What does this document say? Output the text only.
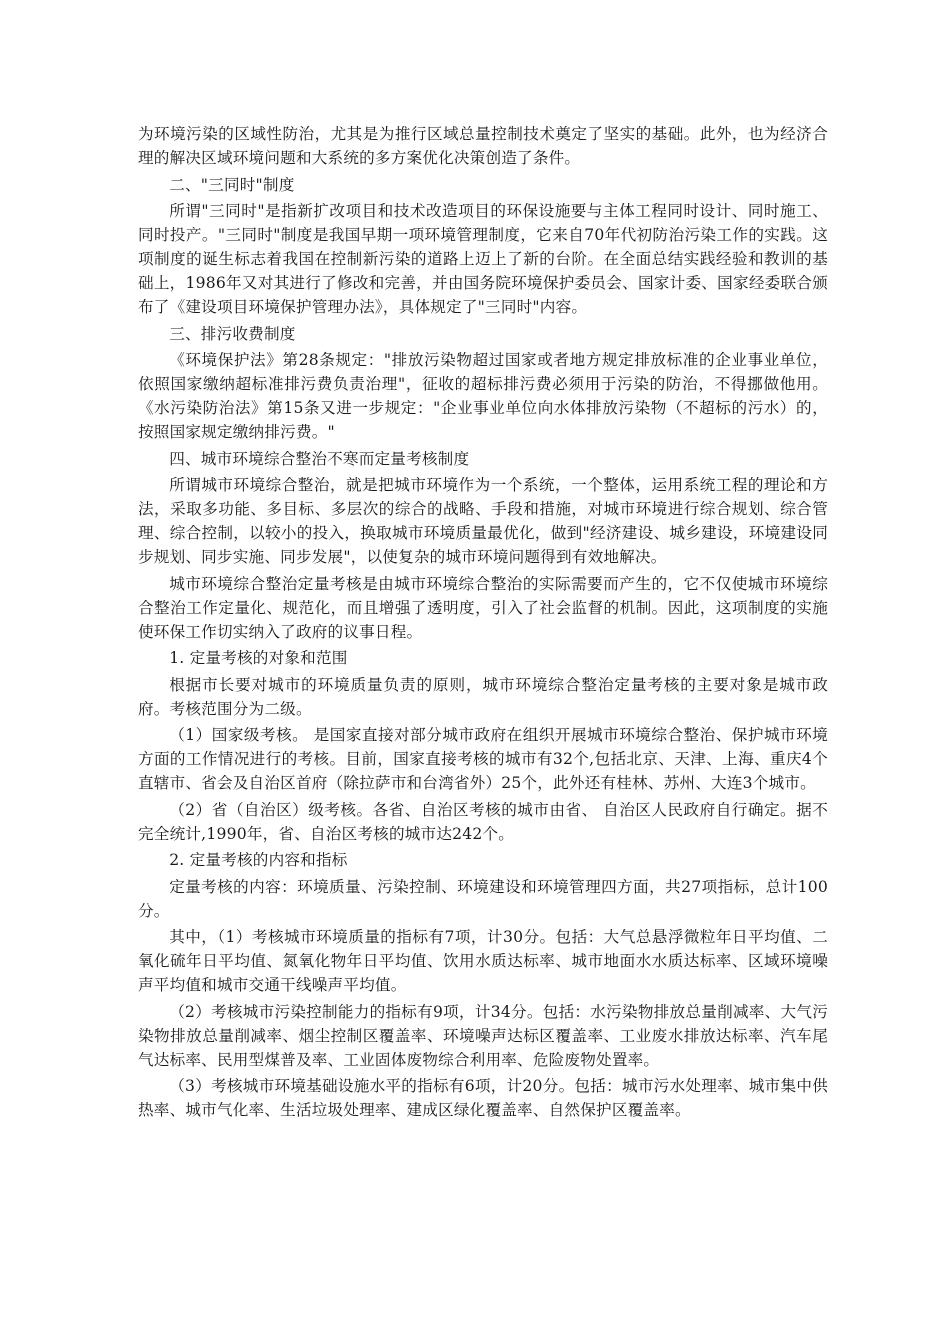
为环境污染的区域性防治，尤其是为推行区域总量控制技术奠定了坚实的基础。此外，也为经济合理的解决区域环境问题和大系统的多方案优化决策创造了条件。

二、"三同时"制度

所谓"三同时"是指新扩改项目和技术改造项目的环保设施要与主体工程同时设计、同时施工、同时投产。"三同时"制度是我国早期一项环境管理制度，它来自70年代初防治污染工作的实践。这项制度的诞生标志着我国在控制新污染的道路上迈上了新的台阶。在全面总结实践经验和教训的基础上，1986年又对其进行了修改和完善，并由国务院环境保护委员会、国家计委、国家经委联合颁布了《建设项目环境保护管理办法》，具体规定了"三同时"内容。

三、排污收费制度

《环境保护法》第28条规定："排放污染物超过国家或者地方规定排放标准的企业事业单位，依照国家缴纳超标准排污费负责治理"，征收的超标排污费必须用于污染的防治，不得挪做他用。《水污染防治法》第15条又进一步规定："企业事业单位向水体排放污染物（不超标的污水）的，按照国家规定缴纳排污费。"

四、城市环境综合整治不寒而定量考核制度

所谓城市环境综合整治，就是把城市环境作为一个系统，一个整体，运用系统工程的理论和方法，采取多功能、多目标、多层次的综合的战略、手段和措施，对城市环境进行综合规划、综合管理、综合控制，以较小的投入，换取城市环境质量最优化，做到"经济建设、城乡建设，环境建设同步规划、同步实施、同步发展"，以使复杂的城市环境问题得到有效地解决。

城市环境综合整治定量考核是由城市环境综合整治的实际需要而产生的，它不仅使城市环境综合整治工作定量化、规范化，而且增强了透明度，引入了社会监督的机制。因此，这项制度的实施使环保工作切实纳入了政府的议事日程。

1. 定量考核的对象和范围

根据市长要对城市的环境质量负责的原则，城市环境综合整治定量考核的主要对象是城市政府。考核范围分为二级。

（1）国家级考核。 是国家直接对部分城市政府在组织开展城市环境综合整治、保护城市环境方面的工作情况进行的考核。目前，国家直接考核的城市有32个,包括北京、天津、上海、重庆4个直辖市、省会及自治区首府（除拉萨市和台湾省外）25个，此外还有桂林、苏州、大连3个城市。

（2）省（自治区）级考核。各省、自治区考核的城市由省、 自治区人民政府自行确定。据不完全统计,1990年，省、自治区考核的城市达242个。

2. 定量考核的内容和指标

定量考核的内容：环境质量、污染控制、环境建设和环境管理四方面，共27项指标，总计100分。

其中，（1）考核城市环境质量的指标有7项，计30分。包括：大气总悬浮微粒年日平均值、二氧化硫年日平均值、氮氧化物年日平均值、饮用水质达标率、城市地面水水质达标率、区域环境噪声平均值和城市交通干线噪声平均值。

（2）考核城市污染控制能力的指标有9项，计34分。包括：水污染物排放总量削减率、大气污染物排放总量削减率、烟尘控制区覆盖率、环境噪声达标区覆盖率、工业废水排放达标率、汽车尾气达标率、民用型煤普及率、工业固体废物综合利用率、危险废物处置率。

（3）考核城市环境基础设施水平的指标有6项，计20分。包括：城市污水处理率、城市集中供热率、城市气化率、生活垃圾处理率、建成区绿化覆盖率、自然保护区覆盖率。
